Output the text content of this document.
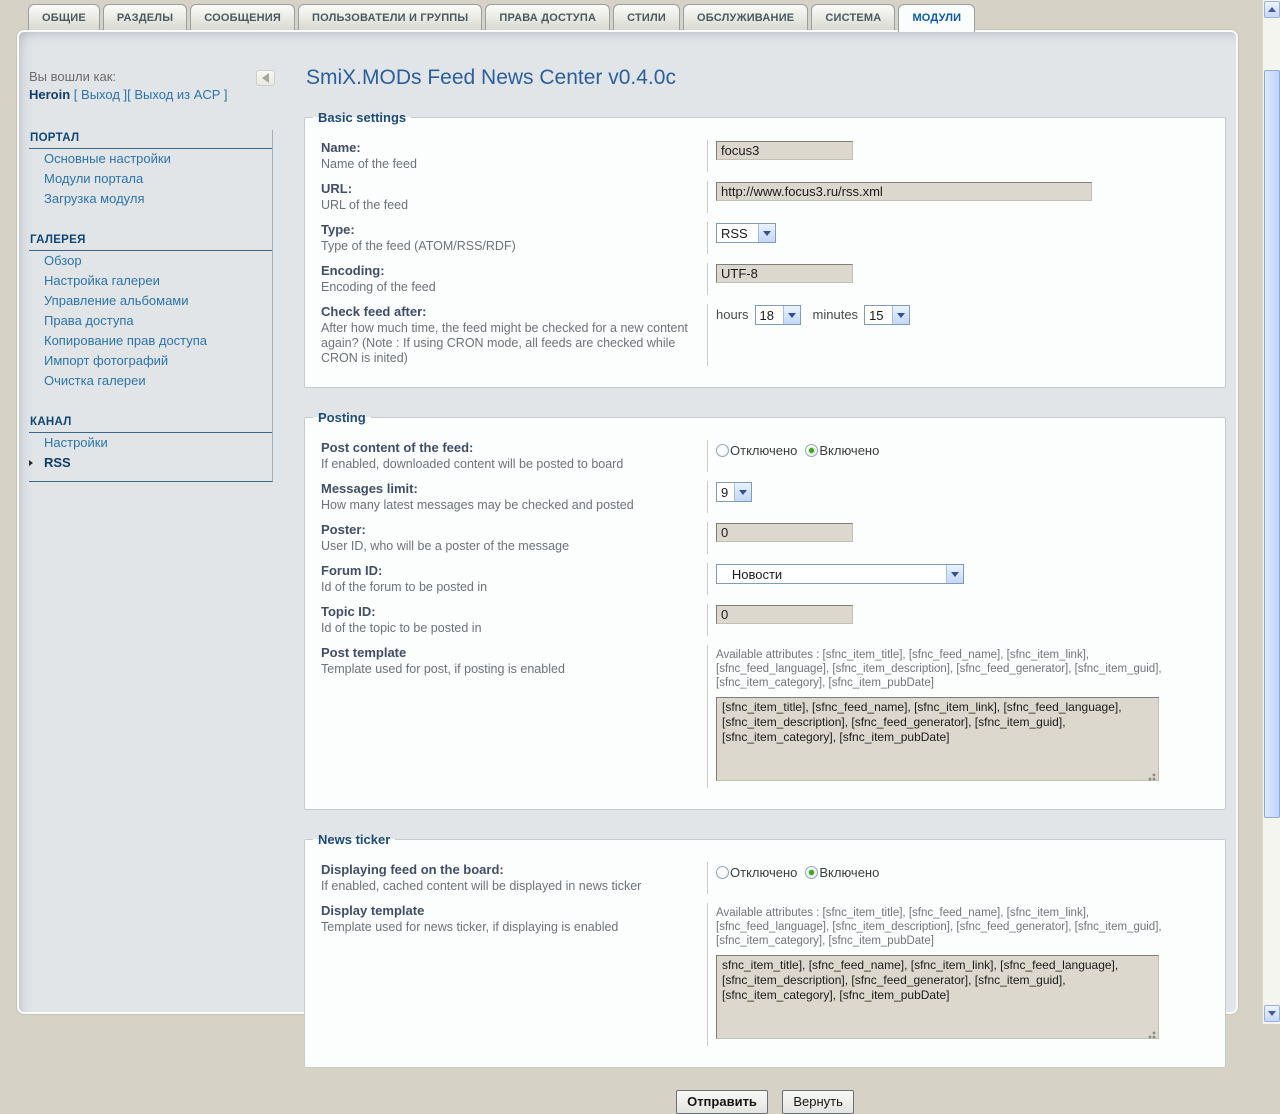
ОБЩИЕ	РАЗДЕЛЫ	СООБЩЕНИЯ	ПОЛЬЗОВАТЕЛИ И ГРУППЫ	ПРАВА ДОСТУПА	СТИЛИ	ОБСЛУЖИВАНИЕ	СИСТЕМА	МОДУЛИ
Вы вошли как:
Heroin [ Выход ][ Выход из ACP ]
ПОРТАЛ
Основные настройки
Модули портала
Загрузка модуля
ГАЛЕРЕЯ
Обзор
Настройка галереи
Управление альбомами
Права доступа
Копирование прав доступа
Импорт фотографий
Очистка галереи
КАНАЛ
Настройки
RSS
SmiX.MODs Feed News Center v0.4.0c
Basic settings
Name:
Name of the feed
focus3
URL:
URL of the feed
http://www.focus3.ru/rss.xml
Type:
Type of the feed (ATOM/RSS/RDF)
RSS
Encoding:
Encoding of the feed
UTF-8
Check feed after:
After how much time, the feed might be checked for a new content again? (Note : If using CRON mode, all feeds are checked while CRON is inited)
hours 18	minutes 15
Posting
Post content of the feed:
If enabled, downloaded content will be posted to board
Отключено Включено
Messages limit:
How many latest messages may be checked and posted
9
Poster:
User ID, who will be a poster of the message
0
Forum ID:
Id of the forum to be posted in
Новости
Topic ID:
Id of the topic to be posted in
0
Post template
Template used for post, if posting is enabled
Available attributes : [sfnc_item_title], [sfnc_feed_name], [sfnc_item_link], [sfnc_feed_language], [sfnc_item_description], [sfnc_feed_generator], [sfnc_item_guid], [sfnc_item_category], [sfnc_item_pubDate]
[sfnc_item_title], [sfnc_feed_name], [sfnc_item_link], [sfnc_feed_language], [sfnc_item_description], [sfnc_feed_generator], [sfnc_item_guid], [sfnc_item_category], [sfnc_item_pubDate]
News ticker
Displaying feed on the board:
If enabled, cached content will be displayed in news ticker
Отключено Включено
Display template
Template used for news ticker, if displaying is enabled
Available attributes : [sfnc_item_title], [sfnc_feed_name], [sfnc_item_link], [sfnc_feed_language], [sfnc_item_description], [sfnc_feed_generator], [sfnc_item_guid], [sfnc_item_category], [sfnc_item_pubDate]
sfnc_item_title], [sfnc_feed_name], [sfnc_item_link], [sfnc_feed_language], [sfnc_item_description], [sfnc_feed_generator], [sfnc_item_guid], [sfnc_item_category], [sfnc_item_pubDate]
Отправить	Вернуть
